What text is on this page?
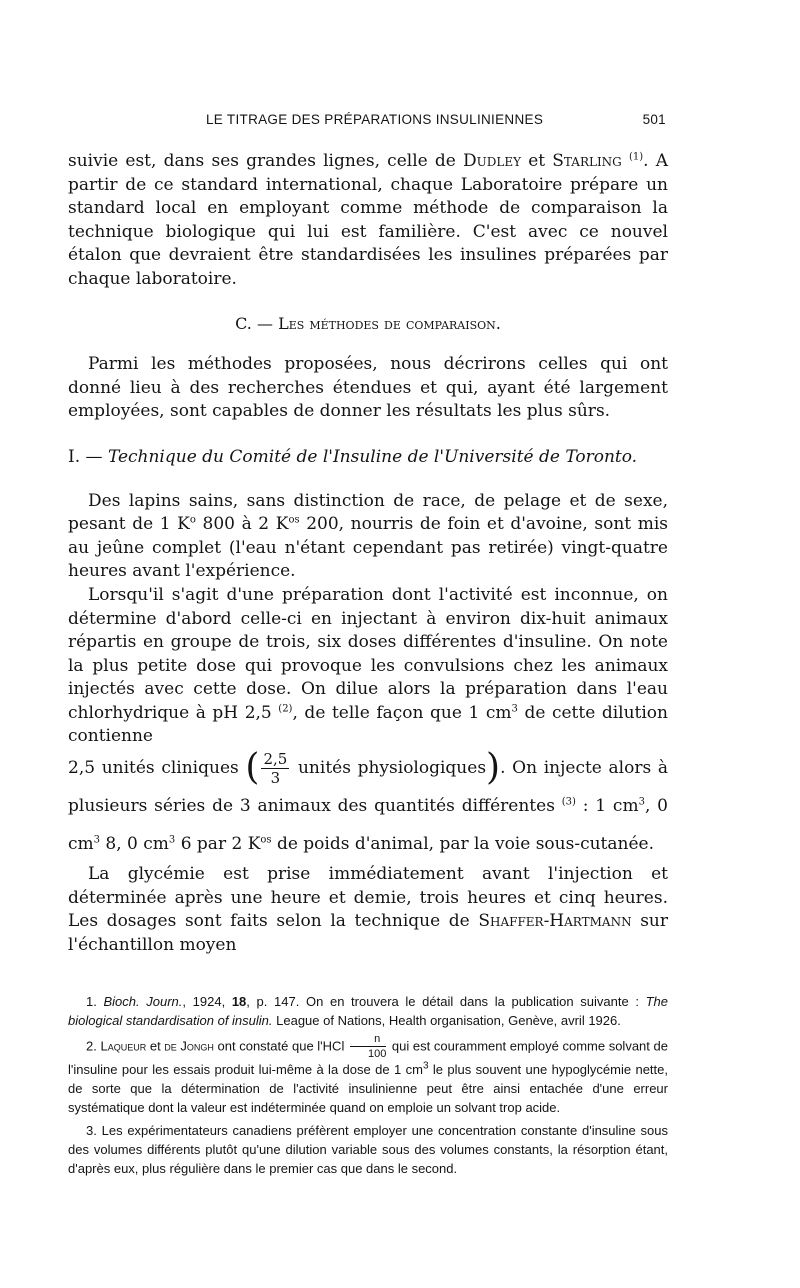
LE TITRAGE DES PRÉPARATIONS INSULINIENNES	501

suivie est, dans ses grandes lignes, celle de Dudley et Starling $^{(1)}$. A partir de ce standard international, chaque Laboratoire prépare un standard local en employant comme méthode de comparaison la technique biologique qui lui est familière. C'est avec ce nouvel étalon que devraient être standardisées les insulines préparées par chaque laboratoire.

C. — Les méthodes de comparaison.

Parmi les méthodes proposées, nous décrirons celles qui ont donné lieu à des recherches étendues et qui, ayant été largement employées, sont capables de donner les résultats les plus sûrs.

I. — Technique du Comité de l'Insuline de l'Université de Toronto.

Des lapins sains, sans distinction de race, de pelage et de sexe, pesant de 1 $K^o$ 800 à 2 $K^{os}$ 200, nourris de foin et d'avoine, sont mis au jeûne complet (l'eau n'étant cependant pas retirée) vingt-quatre heures avant l'expérience.

Lorsqu'il s'agit d'une préparation dont l'activité est inconnue, on détermine d'abord celle-ci en injectant à environ dix-huit animaux répartis en groupe de trois, six doses différentes d'insuline. On note la plus petite dose qui provoque les convulsions chez les animaux injectés avec cette dose. On dilue alors la préparation dans l'eau chlorhydrique à pH 2,5 $^{(2)}$, de telle façon que 1 $cm^3$ de cette dilution contienne

2,5 unités cliniques ( $\frac{2,5}{3}$ unités physiologiques). On injecte alors à plusieurs séries de 3 animaux des quantités différentes $^{(3)}$ : 1 $cm^3$, 0 $cm^3$ 8, 0 $cm^3$ 6 par 2 $K^{os}$ de poids d'animal, par la voie sous-cutanée.

La glycémie est prise immédiatement avant l'injection et déterminée après une heure et demie, trois heures et cinq heures. Les dosages sont faits selon la technique de Shaffer-Hartmann sur l'échantillon moyen

1. Bioch. Journ., 1924, 18, p. 147. On en trouvera le détail dans la publication suivante : The biological standardisation of insulin. League of Nations, Health organisation, Genève, avril 1926.

2. Laqueur et de Jongh ont constaté que $l'HCl \frac{n}{100}$ qui est couramment employé comme solvant de l'insuline pour les essais produit lui-même à la dose de 1 $cm^3$ le plus souvent une hypoglycémie nette, de sorte que la détermination de l'activité insulinienne peut être ainsi entachée d'une erreur systématique dont la valeur est indéterminée quand on emploie un solvant trop acide.

3. Les expérimentateurs canadiens préfèrent employer une concentration constante d'insuline sous des volumes différents plutôt qu'une dilution variable sous des volumes constants, la résorption étant, d'après eux, plus régulière dans le premier cas que dans le second.
